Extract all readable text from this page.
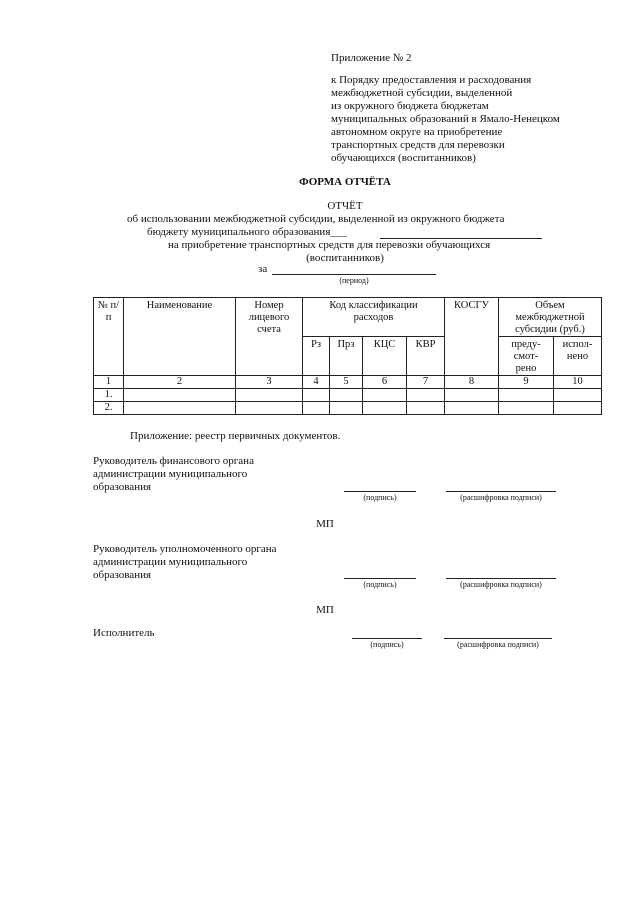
Приложение № 2
к Порядку предоставления и расходования
межбюджетной субсидии, выделенной
из окружного бюджета бюджетам
муниципальных образований в Ямало-Ненецком
автономном округе на приобретение
транспортных средств для перевозки
обучающихся (воспитанников)
ФОРМА ОТЧЁТА
ОТЧЁТ
об использовании межбюджетной субсидии, выделенной из окружного бюджета
бюджету муниципального образования___
на приобретение транспортных средств для перевозки обучающихся
(воспитанников)
за
(период)
№ п/п	Наименование	Номер лицевого счета	Код классификации расходов				КОСГУ	Объем межбюджетной субсидии (руб.)	

			Рз	Прз	КЦС	КВР		преду-смот-рено	испол-нено

1	2	3	4	5	6	7	8	9	10
1.									
2.									
Приложение: реестр первичных документов.
Руководитель финансового органа
администрации муниципального
образования
(подпись)	(расшифровка подписи)
МП
Руководитель уполномоченного органа
администрации муниципального
образования
(подпись)	(расшифровка подписи)
МП
Исполнитель
(подпись)	(расшифровка подписи)
